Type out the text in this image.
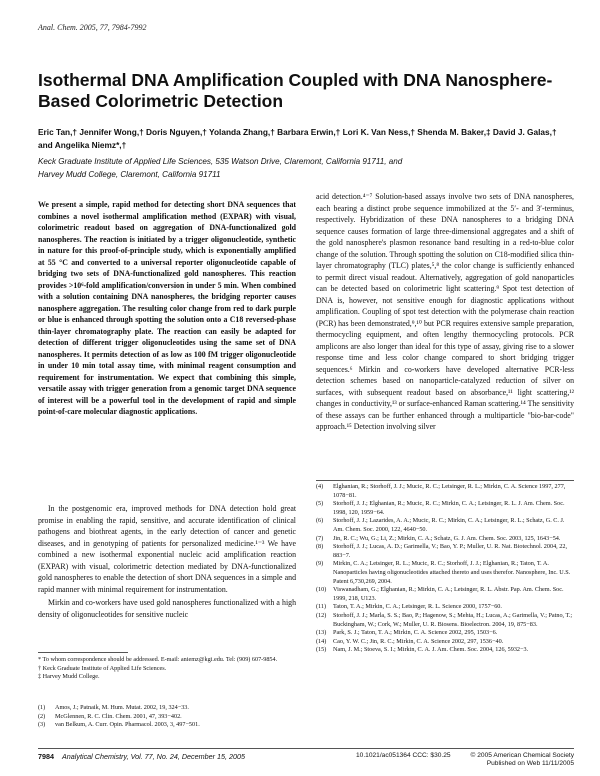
Anal. Chem. 2005, 77, 7984-7992
Isothermal DNA Amplification Coupled with DNA Nanosphere-Based Colorimetric Detection
Eric Tan,† Jennifer Wong,† Doris Nguyen,† Yolanda Zhang,† Barbara Erwin,† Lori K. Van Ness,† Shenda M. Baker,‡ David J. Galas,† and Angelika Niemz*,†
Keck Graduate Institute of Applied Life Sciences, 535 Watson Drive, Claremont, California 91711, and
Harvey Mudd College, Claremont, California 91711

We present a simple, rapid method for detecting short DNA sequences that combines a novel isothermal amplification method (EXPAR) with visual, colorimetric readout based on aggregation of DNA-functionalized gold nanospheres. The reaction is initiated by a trigger oligonucleotide, synthetic in nature for this proof-of-principle study, which is exponentially amplified at 55 °C and converted to a universal reporter oligonucleotide capable of bridging two sets of DNA-functionalized gold nanospheres. This reaction provides >10⁶-fold amplification/conversion in under 5 min. When combined with a solution containing DNA nanospheres, the bridging reporter causes nanosphere aggregation. The resulting color change from red to dark purple or blue is enhanced through spotting the solution onto a C18 reversed-phase thin-layer chromatography plate. The reaction can easily be adapted for detection of different trigger oligonucleotides using the same set of DNA nanospheres. It permits detection of as low as 100 fM trigger oligonucleotide in under 10 min total assay time, with minimal reagent consumption and requirement for instrumentation. We expect that combining this simple, versatile assay with trigger generation from a genomic target DNA sequence of interest will be a powerful tool in the development of rapid and simple point-of-care molecular diagnostic applications.

In the postgenomic era, improved methods for DNA detection hold great promise in enabling the rapid, sensitive, and accurate identification of clinical pathogens and biothreat agents, in the early detection of cancer and genetic diseases, and in genotyping of patients for personalized medicine.¹⁻³ We have combined a new isothermal exponential nucleic acid amplification reaction (EXPAR) with visual, colorimetric detection mediated by DNA-functionalized gold nanospheres to enable the detection of short DNA sequences in a simple and rapid manner with minimal requirement for instrumentation.

Mirkin and co-workers have used gold nanospheres functionalized with a high density of oligonucleotides for sensitive nucleic

acid detection.⁴⁻⁷ Solution-based assays involve two sets of DNA nanospheres, each bearing a distinct probe sequence immobilized at the 5′- and 3′-terminus, respectively. Hybridization of these DNA nanospheres to a bridging DNA sequence causes formation of large three-dimensional aggregates and a shift of the gold nanosphere's plasmon resonance band resulting in a red-to-blue color change of the solution. Through spotting the solution on C18-modified silica thin-layer chromatography (TLC) plates,⁵,⁸ the color change is sufficiently enhanced to permit direct visual readout. Alternatively, aggregation of gold nanoparticles can be detected based on colorimetric light scattering.⁹ Spot test detection of DNA is, however, not sensitive enough for diagnostic applications without amplification. Coupling of spot test detection with the polymerase chain reaction (PCR) has been demonstrated,⁹,¹⁰ but PCR requires extensive sample preparation, thermocycling equipment, and often lengthy thermocycling protocols. PCR amplicons are also longer than ideal for this type of assay, giving rise to a slower response time and less color change compared to short bridging trigger sequences.⁶ Mirkin and co-workers have developed alternative PCR-less detection schemes based on nanoparticle-catalyzed reduction of silver on surfaces, with subsequent readout based on absorbance,¹¹ light scattering,¹² changes in conductivity,¹³ or surface-enhanced Raman scattering.¹⁴ The sensitivity of these assays can be further enhanced through a multiparticle "bio-bar-code" approach.¹⁵ Detection involving silver

* To whom correspondence should be addressed. E-mail: aniemz@kgi.edu. Tel: (909) 607-9854.
† Keck Graduate Institute of Applied Life Sciences.
‡ Harvey Mudd College.
(1)	Amos, J.; Patnaik, M. Hum. Mutat. 2002, 19, 324−33.
(2)	McGlennen, R. C. Clin. Chem. 2001, 47, 393−402.
(3)	van Belkum, A. Curr. Opin. Pharmacol. 2003, 3, 497−501.
(4)	Elghanian, R.; Storhoff, J. J.; Mucic, R. C.; Letsinger, R. L.; Mirkin, C. A. Science 1997, 277, 1078−81.
(5)	Storhoff, J. J.; Elghanian, R.; Mucic, R. C.; Mirkin, C. A.; Letsinger, R. L. J. Am. Chem. Soc. 1998, 120, 1959−64.
(6)	Storhoff, J. J.; Lazarides, A. A.; Mucic, R. C.; Mirkin, C. A.; Letsinger, R. L.; Schatz, G. C. J. Am. Chem. Soc. 2000, 122, 4640−50.
(7)	Jin, R. C.; Wu, G.; Li, Z.; Mirkin, C. A.; Schatz, G. J. Am. Chem. Soc. 2003, 125, 1643−54.
(8)	Storhoff, J. J.; Lucas, A. D.; Garimella, V.; Bao, Y. P.; Muller, U. R. Nat. Biotechnol. 2004, 22, 883−7.
(9)	Mirkin, C. A.; Letsinger, R. L.; Mucic, R. C.; Storhoff, J. J.; Elghanian, R.; Taton, T. A. Nanoparticles having oligonucleotides attached thereto and uses therefor. Nanosphere, Inc. U.S. Patent 6,730,269, 2004.
(10)	Viswanadham, G.; Elghanian, R.; Mirkin, C. A.; Letsinger, R. L. Abstr. Pap. Am. Chem. Soc. 1999, 218, U123.
(11)	Taton, T. A.; Mirkin, C. A.; Letsinger, R. L. Science 2000, 1757−60.
(12)	Storhoff, J. J.; Marla, S. S.; Bao, P.; Hagenow, S.; Mehta, H.; Lucas, A.; Garimella, V.; Patno, T.; Buckingham, W.; Cork, W.; Muller, U. R. Biosens. Bioelectron. 2004, 19, 875−83.
(13)	Park, S. J.; Taton, T. A.; Mirkin, C. A. Science 2002, 295, 1503−6.
(14)	Cao, Y. W. C.; Jin, R. C.; Mirkin, C. A. Science 2002, 297, 1536−40.
(15)	Nam, J. M.; Stoeva, S. I.; Mirkin, C. A. J. Am. Chem. Soc. 2004, 126, 5932−3.
7984 Analytical Chemistry, Vol. 77, No. 24, December 15, 2005	10.1021/ac051364 CCC: $30.25	© 2005 American Chemical Society
Published on Web 11/11/2005
